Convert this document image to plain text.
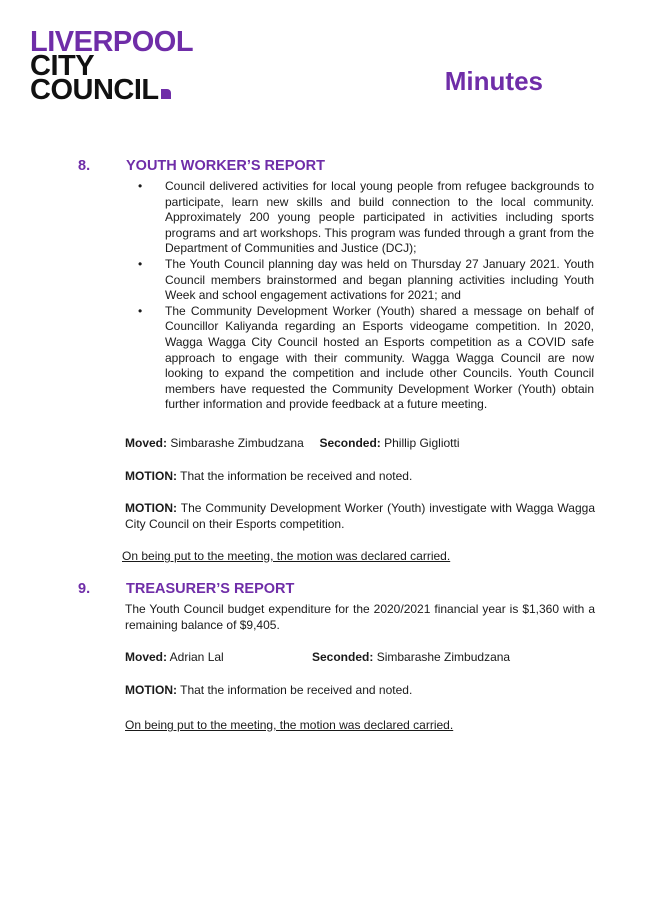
LIVERPOOL
CITY
COUNCIL	Minutes
8. YOUTH WORKER’S REPORT
• Council delivered activities for local young people from refugee backgrounds to participate, learn new skills and build connection to the local community. Approximately 200 young people participated in activities including sports programs and art workshops. This program was funded through a grant from the Department of Communities and Justice (DCJ);
• The Youth Council planning day was held on Thursday 27 January 2021. Youth Council members brainstormed and began planning activities including Youth Week and school engagement activations for 2021; and
• The Community Development Worker (Youth) shared a message on behalf of Councillor Kaliyanda regarding an Esports videogame competition. In 2020, Wagga Wagga City Council hosted an Esports competition as a COVID safe approach to engage with their community. Wagga Wagga Council are now looking to expand the competition and include other Councils. Youth Council members have requested the Community Development Worker (Youth) obtain further information and provide feedback at a future meeting.
Moved: Simbarashe Zimbudzana Seconded: Phillip Gigliotti
MOTION: That the information be received and noted.
MOTION: The Community Development Worker (Youth) investigate with Wagga Wagga City Council on their Esports competition.
On being put to the meeting, the motion was declared carried.
9. TREASURER’S REPORT
The Youth Council budget expenditure for the 2020/2021 financial year is $1,360 with a remaining balance of $9,405.
Moved: Adrian Lal	Seconded: Simbarashe Zimbudzana
MOTION: That the information be received and noted.
On being put to the meeting, the motion was declared carried.
